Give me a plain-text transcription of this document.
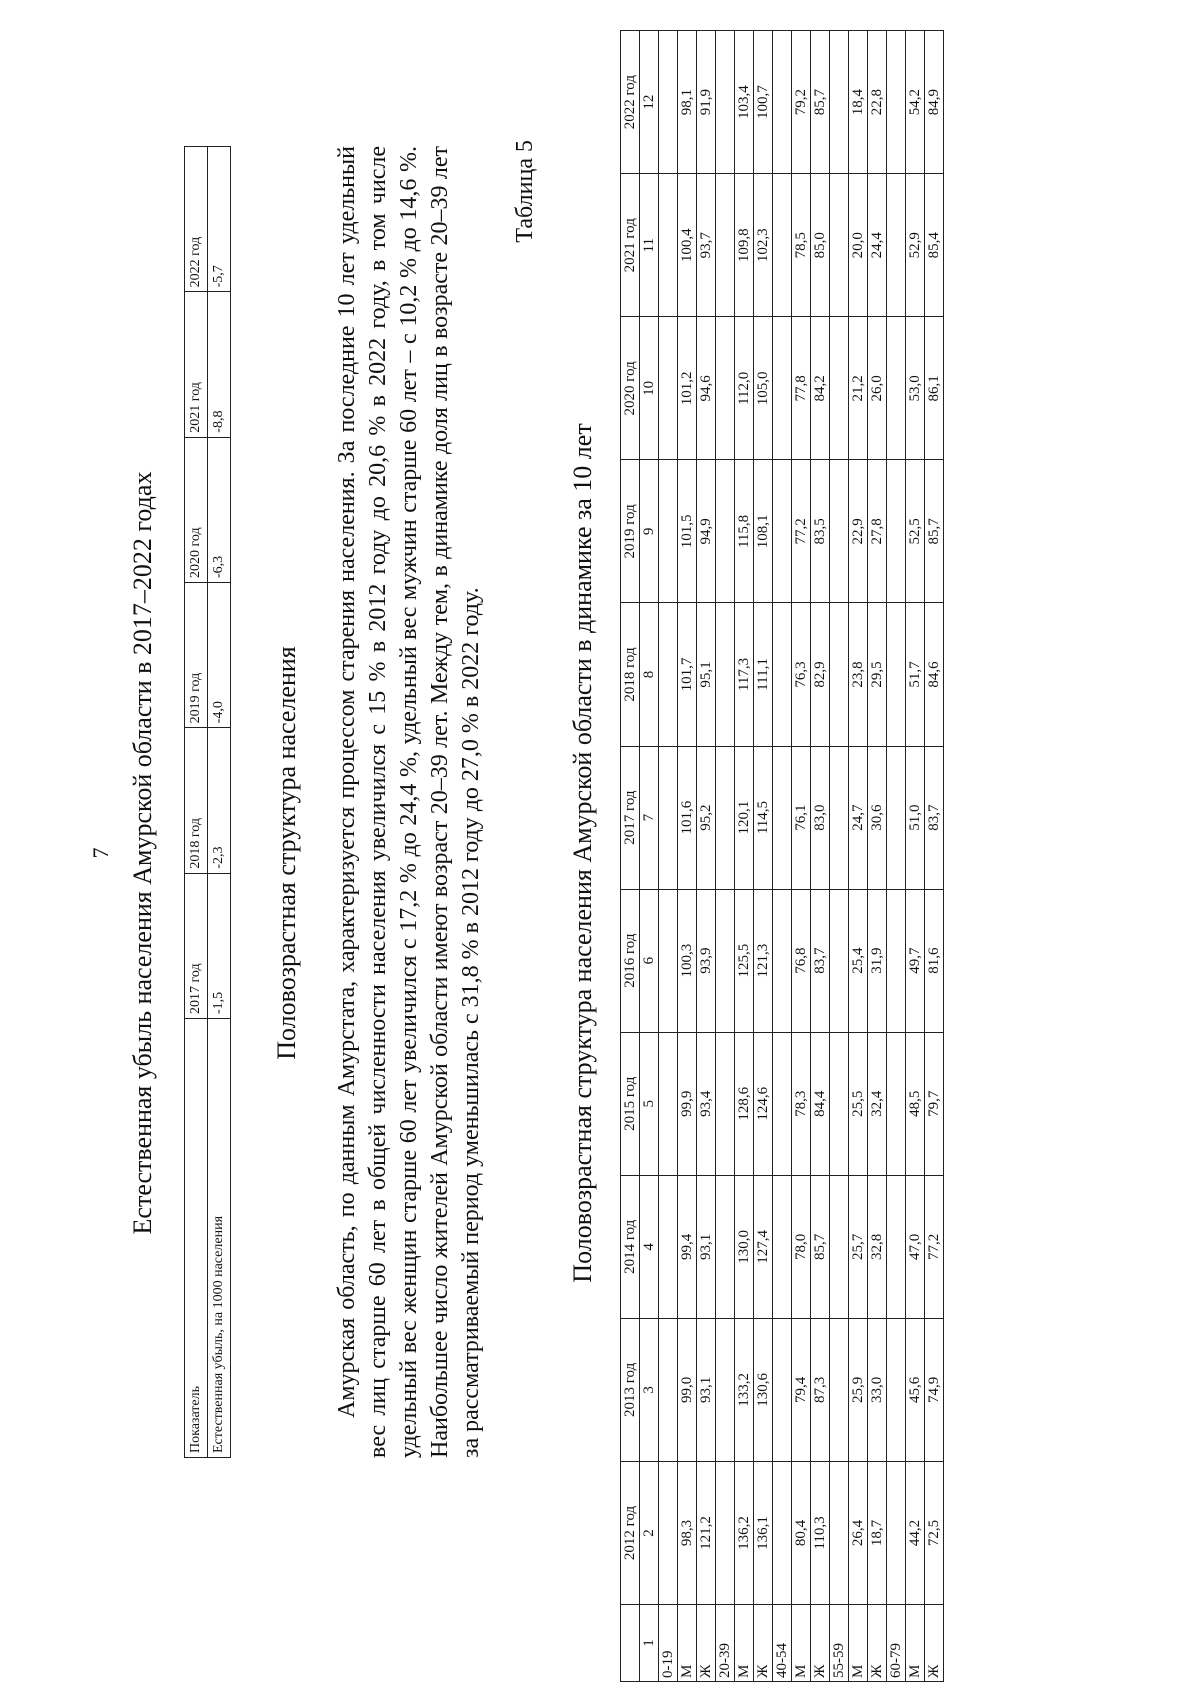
7 Естественная убыль населения Амурской области в 2017–2022 годах
Показатель	2017 год	2018 год	2019 год	2020 год	2021 год	2022 год
Естественная убыль, на 1000 населения	-1,5	-2,3	-4,0	-6,3	-8,8	-5,7
Половозрастная структура населения Амурская область, по данным Амурстата, характеризуется процессом старения населения. За последние 10 лет удельный вес лиц старше 60 лет в общей численности населения увеличился с 15 % в 2012 году до 20,6 % в 2022 году, в том числе удельный вес женщин старше 60 лет увеличился с 17,2 % до 24,4 %, удельный вес мужчин старше 60 лет – с 10,2 % до 14,6 %. Наибольшее число жителей Амурской области имеют возраст 20–39 лет. Между тем, в динамике доля лиц в возрасте 20–39 лет за рассматриваемый период уменьшилась с 31,8 % в 2012 году до 27,0 % в 2022 году.
Таблица 5
Половозрастная структура населения Амурской области в динамике за 10 лет
	2012 год	2013 год	2014 год	2015 год	2016 год	2017 год	2018 год	2019 год	2020 год	2021 год	2022 год
1	2	3	4	5	6	7	8	9	10	11	12
0-19											
М	98,3	99,0	99,4	99,9	100,3	101,6	101,7	101,5	101,2	100,4	98,1
Ж	121,2	93,1	93,1	93,4	93,9	95,2	95,1	94,9	94,6	93,7	91,9
20-39											
М	136,2	133,2	130,0	128,6	125,5	120,1	117,3	115,8	112,0	109,8	103,4
Ж	136,1	130,6	127,4	124,6	121,3	114,5	111,1	108,1	105,0	102,3	100,7
40-54											
М	80,4	79,4	78,0	78,3	76,8	76,1	76,3	77,2	77,8	78,5	79,2
Ж	110,3	87,3	85,7	84,4	83,7	83,0	82,9	83,5	84,2	85,0	85,7
55-59											
М	26,4	25,9	25,7	25,5	25,4	24,7	23,8	22,9	21,2	20,0	18,4
Ж	18,7	33,0	32,8	32,4	31,9	30,6	29,5	27,8	26,0	24,4	22,8
60-79											
М	44,2	45,6	47,0	48,5	49,7	51,0	51,7	52,5	53,0	52,9	54,2
Ж	72,5	74,9	77,2	79,7	81,6	83,7	84,6	85,7	86,1	85,4	84,9
